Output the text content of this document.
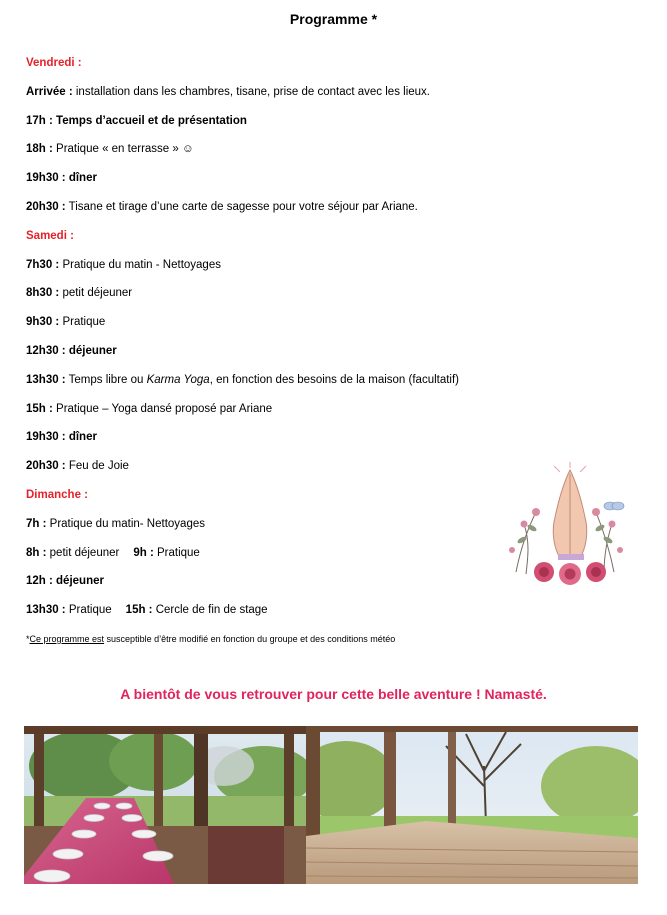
Programme *
Vendredi :
Arrivée : installation dans les chambres, tisane, prise de contact avec les lieux.
17h : Temps d’accueil et de présentation
18h : Pratique « en terrasse » ☺
19h30 : dîner
20h30 : Tisane et tirage d’une carte de sagesse pour votre séjour par Ariane.
Samedi :
7h30 : Pratique du matin - Nettoyages
8h30 : petit déjeuner
9h30 : Pratique
12h30 : déjeuner
13h30 : Temps libre ou Karma Yoga, en fonction des besoins de la maison (facultatif)
15h : Pratique – Yoga dansé proposé par Ariane
19h30 : dîner
20h30 : Feu de Joie
Dimanche :
7h : Pratique du matin- Nettoyages
8h : petit déjeuner 9h : Pratique
12h : déjeuner
13h30 : Pratique 15h : Cercle de fin de stage
*Ce programme est susceptible d’être modifié en fonction du groupe et des conditions météo
A bientôt de vous retrouver pour cette belle aventure ! Namasté.
